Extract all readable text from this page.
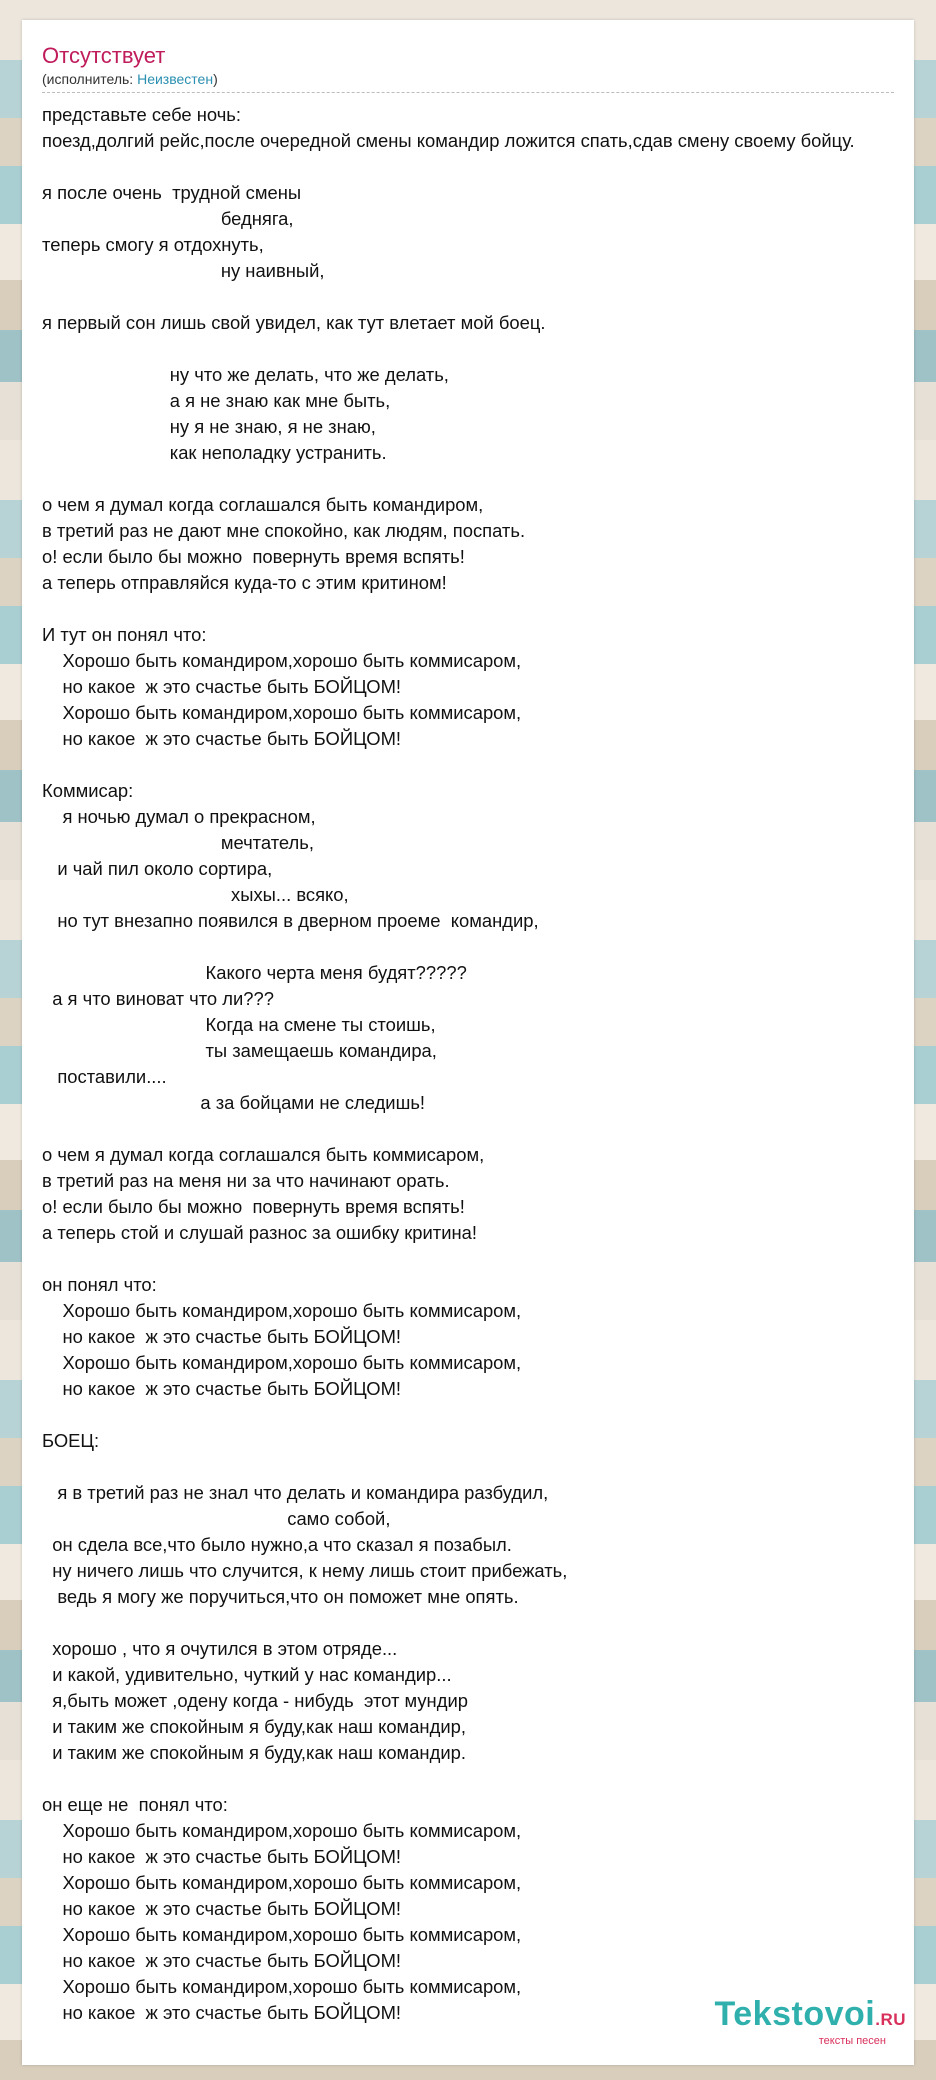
Отсутствует
(исполнитель: Неизвестен)
представьте себе ночь:
поезд,долгий рейс,после очередной смены командир ложится спать,сдав смену своему бойцу.

я после очень  трудной смены
бедняга,
теперь смогу я отдохнуть,
ну наивный,

я первый сон лишь свой увидел, как тут влетает мой боец.

ну что же делать, что же делать,
а я не знаю как мне быть,
ну я не знаю, я не знаю,
как неполадку устранить.

о чем я думал когда соглашался быть командиром,
в третий раз не дают мне спокойно, как людям, поспать.
о! если было бы можно  повернуть время вспять!
а теперь отправляйся куда-то с этим критином!

И тут он понял что:
Хорошо быть командиром,хорошо быть коммисаром,
но какое  ж это счастье быть БОЙЦОМ!
Хорошо быть командиром,хорошо быть коммисаром,
но какое  ж это счастье быть БОЙЦОМ!

Коммисар:
я ночью думал о прекрасном,
мечтатель,
и чай пил около сортира,
хыхы... всяко,
но тут внезапно появился в дверном проеме  командир,

Какого черта меня будят?????
а я что виноват что ли???
Когда на смене ты стоишь,
ты замещаешь командира,
поставили....
а за бойцами не следишь!

о чем я думал когда соглашался быть коммисаром,
в третий раз на меня ни за что начинают орать.
о! если было бы можно  повернуть время вспять!
а теперь стой и слушай разнос за ошибку критина!

он понял что:
Хорошо быть командиром,хорошо быть коммисаром,
но какое  ж это счастье быть БОЙЦОМ!
Хорошо быть командиром,хорошо быть коммисаром,
но какое  ж это счастье быть БОЙЦОМ!

БОЕЦ:

я в третий раз не знал что делать и командира разбудил,
само собой,
он сдела все,что было нужно,а что сказал я позабыл.
ну ничего лишь что случится, к нему лишь стоит прибежать,
ведь я могу же поручиться,что он поможет мне опять.

хорошо , что я очутился в этом отряде...
и какой, удивительно, чуткий у нас командир...
я,быть может ,одену когда - нибудь  этот мундир
и таким же спокойным я буду,как наш командир,
и таким же спокойным я буду,как наш командир.

он еще не  понял что:
Хорошо быть командиром,хорошо быть коммисаром,
но какое  ж это счастье быть БОЙЦОМ!
Хорошо быть командиром,хорошо быть коммисаром,
но какое  ж это счастье быть БОЙЦОМ!
Хорошо быть командиром,хорошо быть коммисаром,
но какое  ж это счастье быть БОЙЦОМ!
Хорошо быть командиром,хорошо быть коммисаром,
но какое  ж это счастье быть БОЙЦОМ!	Tekstovoi.RU
тексты песен
